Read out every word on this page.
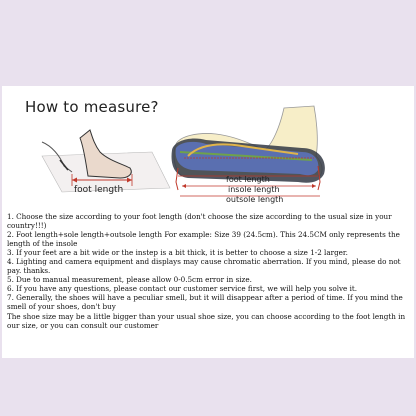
How to measure?
foot length
foot length
insole length
outsole length
1. Choose the size according to your foot length (don't choose the size according to the usual size in your country!!!)
2. Foot length+sole length+outsole length For example: Size 39 (24.5cm). This 24.5CM only represents the length of the insole
3. If your feet are a bit wide or the instep is a bit thick, it is better to choose a size 1-2 larger.
4. Lighting and camera equipment and displays may cause chromatic aberration. If you mind, please do not pay. thanks.
5. Due to manual measurement, please allow 0-0.5cm error in size.
6. If you have any questions, please contact our customer service first, we will help you solve it.
7. Generally, the shoes will have a peculiar smell, but it will disappear after a period of time. If you mind the smell of your shoes, don't buy
The shoe size may be a little bigger than your usual shoe size, you can choose according to the foot length in our size, or you can consult our customer
